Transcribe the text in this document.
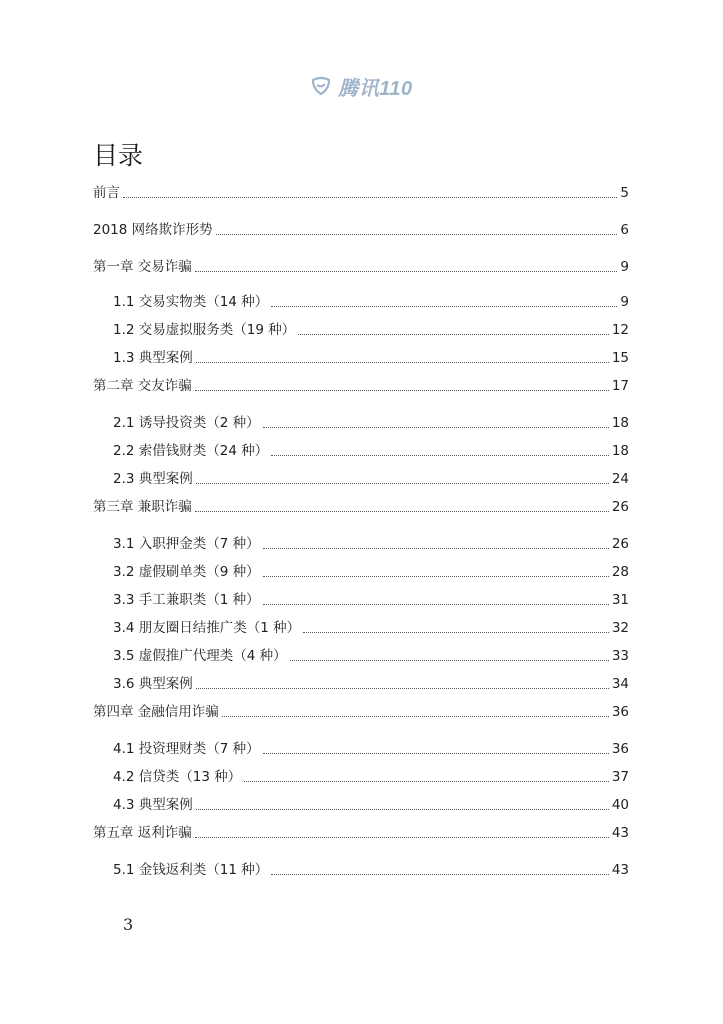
腾讯110
目录
前言	5
2018 网络欺诈形势	6
第一章 交易诈骗	9
1.1 交易实物类（14 种）	9
1.2 交易虚拟服务类（19 种）	12
1.3 典型案例	15
第二章 交友诈骗	17
2.1 诱导投资类（2 种）	18
2.2 索借钱财类（24 种）	18
2.3 典型案例	24
第三章 兼职诈骗	26
3.1 入职押金类（7 种）	26
3.2 虚假刷单类（9 种）	28
3.3 手工兼职类（1 种）	31
3.4 朋友圈日结推广类（1 种）	32
3.5 虚假推广代理类（4 种）	33
3.6 典型案例	34
第四章 金融信用诈骗	36
4.1 投资理财类（7 种）	36
4.2 信贷类（13 种）	37
4.3 典型案例	40
第五章 返利诈骗	43
5.1 金钱返利类（11 种）	43
3
